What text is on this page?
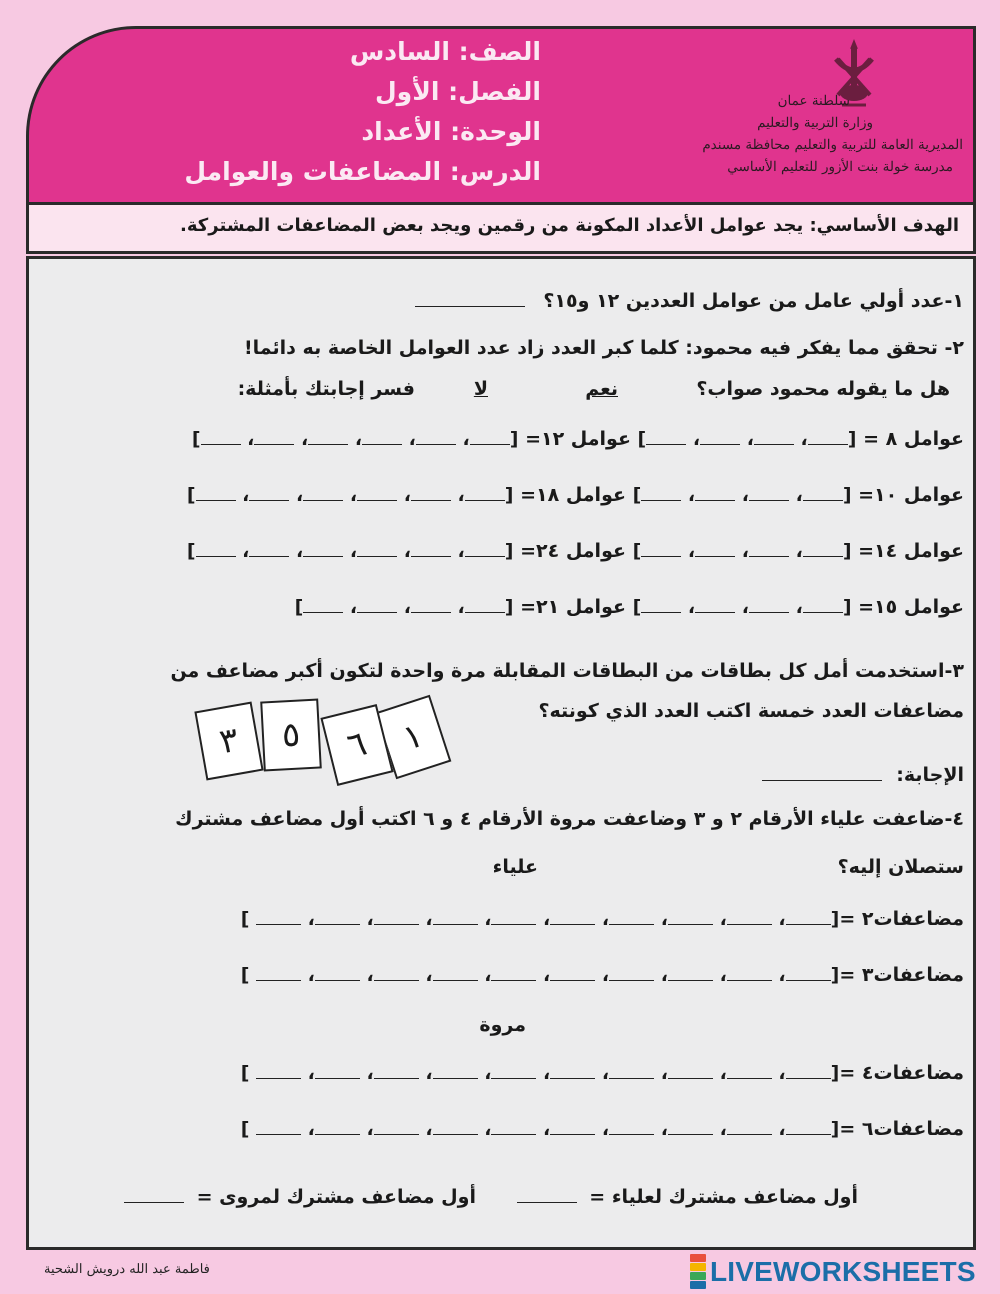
الصف: السادس
الفصل: الأول
الوحدة: الأعداد
الدرس: المضاعفات والعوامل
سلطنة عمان
وزارة التربية والتعليم
المديرية العامة للتربية والتعليم محافظة مسندم
مدرسة خولة بنت الأزور للتعليم الأساسي
الهدف الأساسي: يجد عوامل الأعداد المكونة من رقمين ويجد بعض المضاعفات المشتركة.
١-عدد أولي عامل من عوامل العددين ١٢ و١٥؟
٢- تحقق مما يفكر فيه محمود: كلما كبر العدد زاد عدد العوامل الخاصة به دائما!
هل ما يقوله محمود صواب؟
نعم
لا
فسر إجابتك بأمثلة:
عوامل ٨ = [، ، ، ] عوامل ١٢= [، ، ، ، ، ]
عوامل ١٠= [، ، ، ] عوامل ١٨= [، ، ، ، ، ]
عوامل ١٤= [، ، ، ] عوامل ٢٤= [، ، ، ، ، ]
عوامل ١٥= [، ، ، ] عوامل ٢١= [، ، ، ]
٣-استخدمت أمل كل بطاقات من البطاقات المقابلة مرة واحدة لتكون أكبر مضاعف من
مضاعفات العدد خمسة اكتب العدد الذي كونته؟
١
٦
٥
٣
الإجابة:
٤-ضاعفت علياء الأرقام ٢ و ٣ وضاعفت مروة الأرقام ٤ و ٦ اكتب أول مضاعف مشترك
ستصلان إليه؟
علياء
مضاعفات٢ =[، ، ، ، ، ، ، ، ،  ]
مضاعفات٣ =[، ، ، ، ، ، ، ، ،  ]
مروة
مضاعفات٤ =[، ، ، ، ، ، ، ، ،  ]
مضاعفات٦ =[، ، ، ، ، ، ، ، ،  ]
أول مضاعف مشترك لعلياء =
أول مضاعف مشترك لمروى =
فاطمة عبد الله درويش الشحية	LIVEWORKSHEETS
